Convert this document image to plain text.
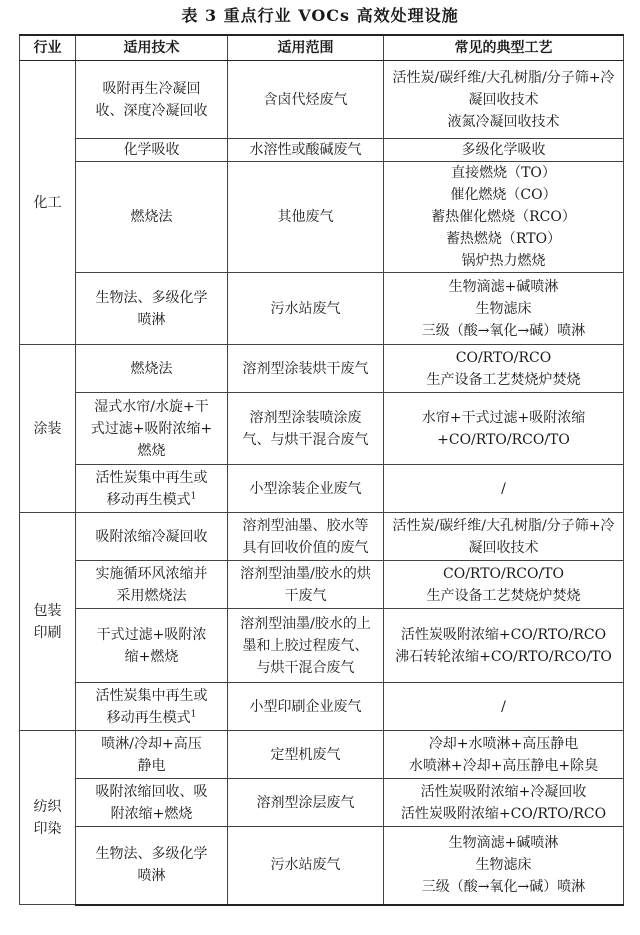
表 3 重点行业 VOCs 高效处理设施
行业	适用技术	适用范围	常见的典型工艺
化工	吸附再生冷凝回
收、深度冷凝回收	含卤代烃废气	活性炭/碳纤维/大孔树脂/分子筛+冷
凝回收技术
液氮冷凝回收技术

	化学吸收	水溶性或酸碱废气	多级化学吸收

	燃烧法	其他废气	直接燃烧（TO）
催化燃烧（CO）
蓄热催化燃烧（RCO）
蓄热燃烧（RTO）
锅炉热力燃烧

	生物法、多级化学
喷淋	污水站废气	生物滴滤+碱喷淋
生物滤床
三级（酸→氧化→碱）喷淋

涂装	燃烧法	溶剂型涂装烘干废气	CO/RTO/RCO
生产设备工艺焚烧炉焚烧

	湿式水帘/水旋+干
式过滤+吸附浓缩+
燃烧	溶剂型涂装喷涂废
气、与烘干混合废气	水帘+干式过滤+吸附浓缩
+CO/RTO/RCO/TO

	活性炭集中再生或
移动再生模式$^1$	小型涂装企业废气	/

包装
印刷	吸附浓缩冷凝回收	溶剂型油墨、胶水等
具有回收价值的废气	活性炭/碳纤维/大孔树脂/分子筛+冷
凝回收技术

	实施循环风浓缩并
采用燃烧法	溶剂型油墨/胶水的烘
干废气	CO/RTO/RCO/TO
生产设备工艺焚烧炉焚烧

	干式过滤+吸附浓
缩+燃烧	溶剂型油墨/胶水的上
墨和上胶过程废气、
与烘干混合废气	活性炭吸附浓缩+CO/RTO/RCO
沸石转轮浓缩+CO/RTO/RCO/TO

	活性炭集中再生或
移动再生模式$^1$	小型印刷企业废气	/

纺织
印染	喷淋/冷却+高压
静电	定型机废气	冷却+水喷淋+高压静电
水喷淋+冷却+高压静电+除臭

	吸附浓缩回收、吸
附浓缩+燃烧	溶剂型涂层废气	活性炭吸附浓缩+冷凝回收
活性炭吸附浓缩+CO/RTO/RCO

	生物法、多级化学
喷淋	污水站废气	生物滴滤+碱喷淋
生物滤床
三级（酸→氧化→碱）喷淋
